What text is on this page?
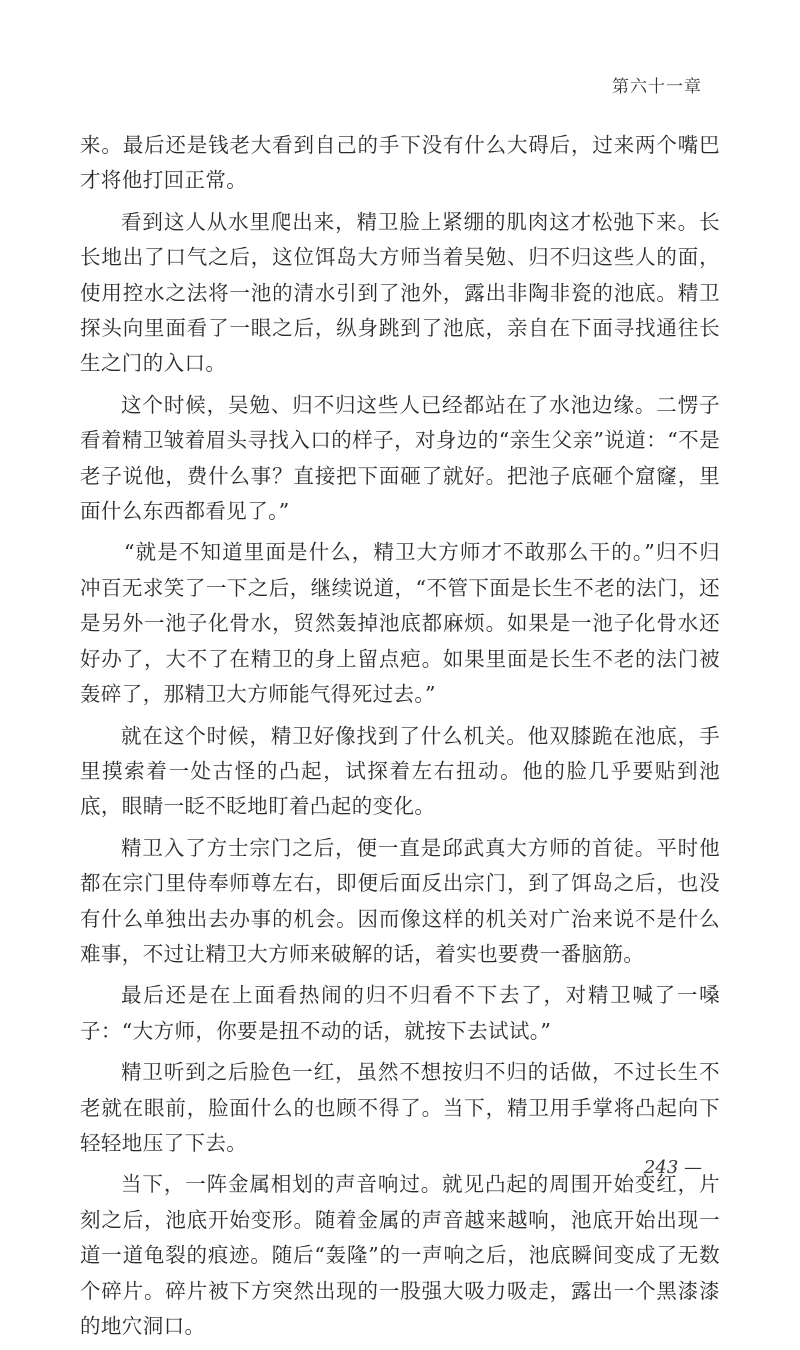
第六十一章

来。最后还是钱老大看到自己的手下没有什么大碍后，过来两个嘴巴才将他打回正常。

看到这人从水里爬出来，精卫脸上紧绷的肌肉这才松弛下来。长长地出了口气之后，这位饵岛大方师当着吴勉、归不归这些人的面，使用控水之法将一池的清水引到了池外，露出非陶非瓷的池底。精卫探头向里面看了一眼之后，纵身跳到了池底，亲自在下面寻找通往长生之门的入口。

这个时候，吴勉、归不归这些人已经都站在了水池边缘。二愣子看着精卫皱着眉头寻找入口的样子，对身边的“亲生父亲”说道：“不是老子说他，费什么事？直接把下面砸了就好。把池子底砸个窟窿，里面什么东西都看见了。”

“就是不知道里面是什么，精卫大方师才不敢那么干的。”归不归冲百无求笑了一下之后，继续说道，“不管下面是长生不老的法门，还是另外一池子化骨水，贸然轰掉池底都麻烦。如果是一池子化骨水还好办了，大不了在精卫的身上留点疤。如果里面是长生不老的法门被轰碎了，那精卫大方师能气得死过去。”

就在这个时候，精卫好像找到了什么机关。他双膝跪在池底，手里摸索着一处古怪的凸起，试探着左右扭动。他的脸几乎要贴到池底，眼睛一眨不眨地盯着凸起的变化。

精卫入了方士宗门之后，便一直是邱武真大方师的首徒。平时他都在宗门里侍奉师尊左右，即便后面反出宗门，到了饵岛之后，也没有什么单独出去办事的机会。因而像这样的机关对广治来说不是什么难事，不过让精卫大方师来破解的话，着实也要费一番脑筋。

最后还是在上面看热闹的归不归看不下去了，对精卫喊了一嗓子：“大方师，你要是扭不动的话，就按下去试试。”

精卫听到之后脸色一红，虽然不想按归不归的话做，不过长生不老就在眼前，脸面什么的也顾不得了。当下，精卫用手掌将凸起向下轻轻地压了下去。

当下，一阵金属相划的声音响过。就见凸起的周围开始变红，片刻之后，池底开始变形。随着金属的声音越来越响，池底开始出现一道一道龟裂的痕迹。随后“轰隆”的一声响之后，池底瞬间变成了无数个碎片。碎片被下方突然出现的一股强大吸力吸走，露出一个黑漆漆的地穴洞口。

243 —
